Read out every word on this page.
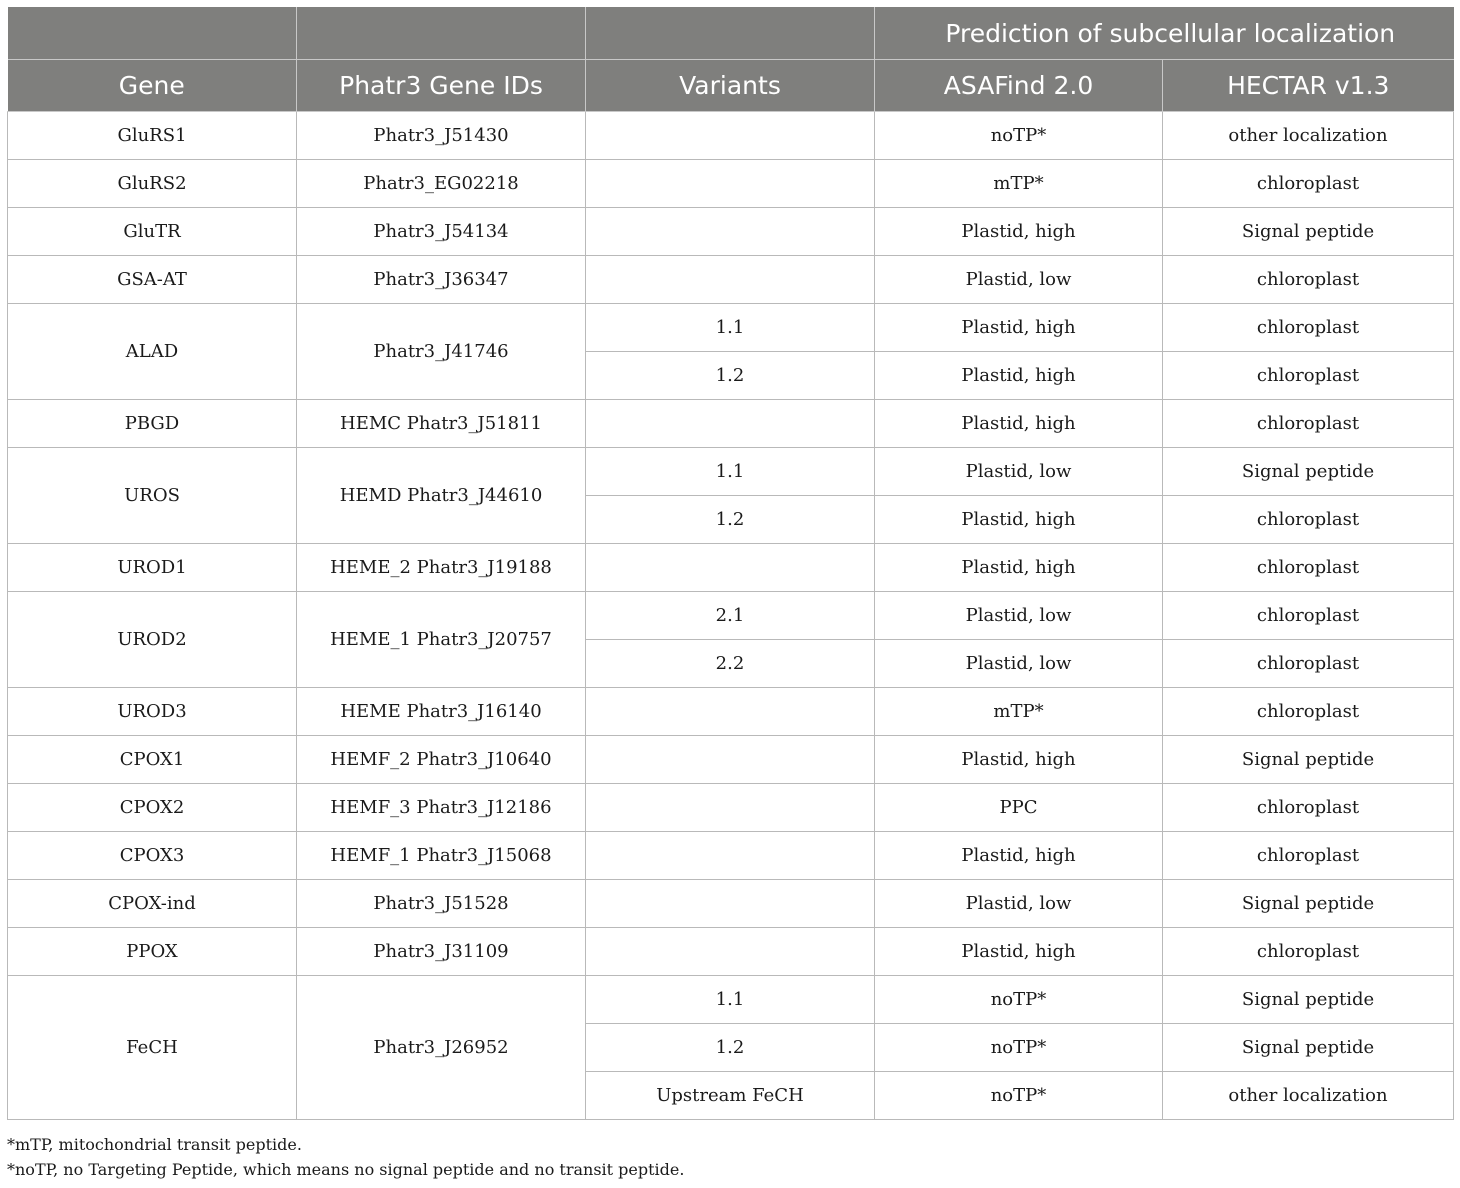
			Prediction of subcellular localization	
Gene	Phatr3 Gene IDs	Variants	ASAFind 2.0	HECTAR v1.3
GluRS1	Phatr3_J51430		noTP*	other localization
GluRS2	Phatr3_EG02218		mTP*	chloroplast
GluTR	Phatr3_J54134		Plastid, high	Signal peptide
GSA-AT	Phatr3_J36347		Plastid, low	chloroplast
ALAD	Phatr3_J41746	1.1	Plastid, high	chloroplast
		1.2	Plastid, high	chloroplast
PBGD	HEMC Phatr3_J51811		Plastid, high	chloroplast
UROS	HEMD Phatr3_J44610	1.1	Plastid, low	Signal peptide
		1.2	Plastid, high	chloroplast
UROD1	HEME_2 Phatr3_J19188		Plastid, high	chloroplast
UROD2	HEME_1 Phatr3_J20757	2.1	Plastid, low	chloroplast
		2.2	Plastid, low	chloroplast
UROD3	HEME Phatr3_J16140		mTP*	chloroplast
CPOX1	HEMF_2 Phatr3_J10640		Plastid, high	Signal peptide
CPOX2	HEMF_3 Phatr3_J12186		PPC	chloroplast
CPOX3	HEMF_1 Phatr3_J15068		Plastid, high	chloroplast
CPOX-ind	Phatr3_J51528		Plastid, low	Signal peptide
PPOX	Phatr3_J31109		Plastid, high	chloroplast
FeCH	Phatr3_J26952	1.1	noTP*	Signal peptide
		1.2	noTP*	Signal peptide
		Upstream FeCH	noTP*	other localization
*mTP, mitochondrial transit peptide.
*noTP, no Targeting Peptide, which means no signal peptide and no transit peptide.
